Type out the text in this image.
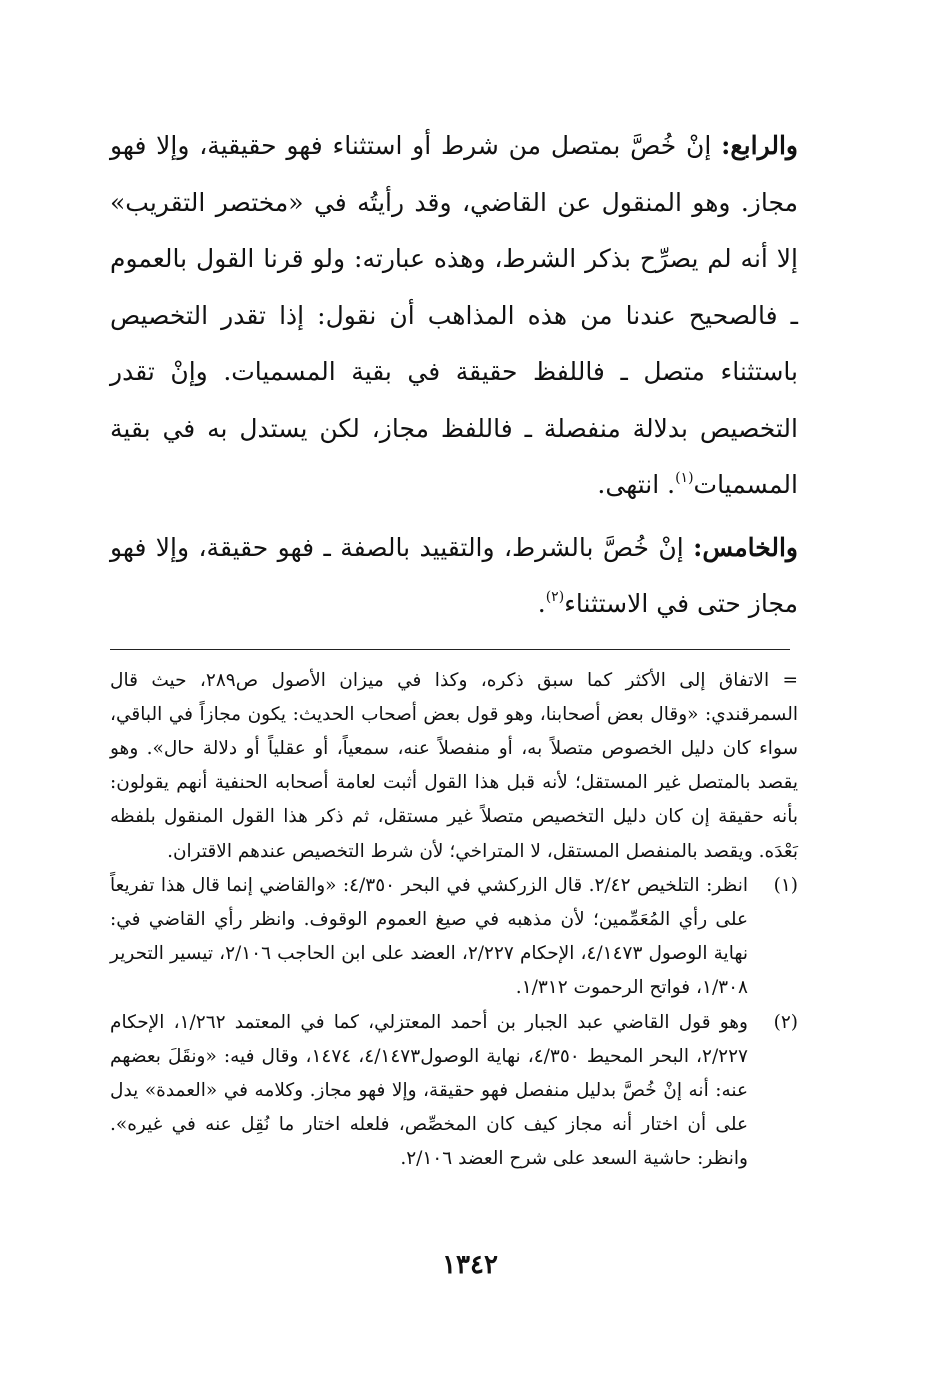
والرابع: إنْ خُصَّ بمتصل من شرط أو استثناء فهو حقيقية، وإلا فهو مجاز. وهو المنقول عن القاضي، وقد رأيتُه في «مختصر التقريب» إلا أنه لم يصرِّح بذكر الشرط، وهذه عبارته: ولو قرنا القول بالعموم ـ فالصحيح عندنا من هذه المذاهب أن نقول: إذا تقدر التخصيص باستثناء متصل ـ فاللفظ حقيقة في بقية المسميات. وإنْ تقدر التخصيص بدلالة منفصلة ـ فاللفظ مجاز، لكن يستدل به في بقية المسميات$^{(١)}$. انتهى.

والخامس: إنْ خُصَّ بالشرط، والتقييد بالصفة ـ فهو حقيقة، وإلا فهو مجاز حتى في الاستثناء$^{(٢)}$.

= الاتفاق إلى الأكثر كما سبق ذكره، وكذا في ميزان الأصول ص٢٨٩، حيث قال السمرقندي: «وقال بعض أصحابنا، وهو قول بعض أصحاب الحديث: يكون مجازاً في الباقي، سواء كان دليل الخصوص متصلاً به، أو منفصلاً عنه، سمعياً، أو عقلياً أو دلالة حال». وهو يقصد بالمتصل غير المستقل؛ لأنه قبل هذا القول أثبت لعامة أصحابه الحنفية أنهم يقولون: بأنه حقيقة إن كان دليل التخصيص متصلاً غير مستقل، ثم ذكر هذا القول المنقول بلفظه بَعْدَه. ويقصد بالمنفصل المستقل، لا المتراخي؛ لأن شرط التخصيص عندهم الاقتران.

(١)
انظر: التلخيص ٢/٤٢. قال الزركشي في البحر ٤/٣٥٠: «والقاضي إنما قال هذا تفريعاً على رأي المُعَمِّمين؛ لأن مذهبه في صيغ العموم الوقوف. وانظر رأي القاضي في: نهاية الوصول ٤/١٤٧٣، الإحكام ٢/٢٢٧، العضد على ابن الحاجب ٢/١٠٦، تيسير التحرير ١/٣٠٨، فواتح الرحموت ١/٣١٢.

(٢)
وهو قول القاضي عبد الجبار بن أحمد المعتزلي، كما في المعتمد ١/٢٦٢، الإحكام ٢/٢٢٧، البحر المحيط ٤/٣٥٠، نهاية الوصول٤/١٤٧٣، ١٤٧٤، وقال فيه: «ونقَلَ بعضهم عنه: أنه إنْ خُصَّ بدليل منفصل فهو حقيقة، وإلا فهو مجاز. وكلامه في «العمدة» يدل على أن اختار أنه مجاز كيف كان المخصِّص، فلعله اختار ما نُقِل عنه في غيره». وانظر: حاشية السعد على شرح العضد ٢/١٠٦.

١٣٤٢
